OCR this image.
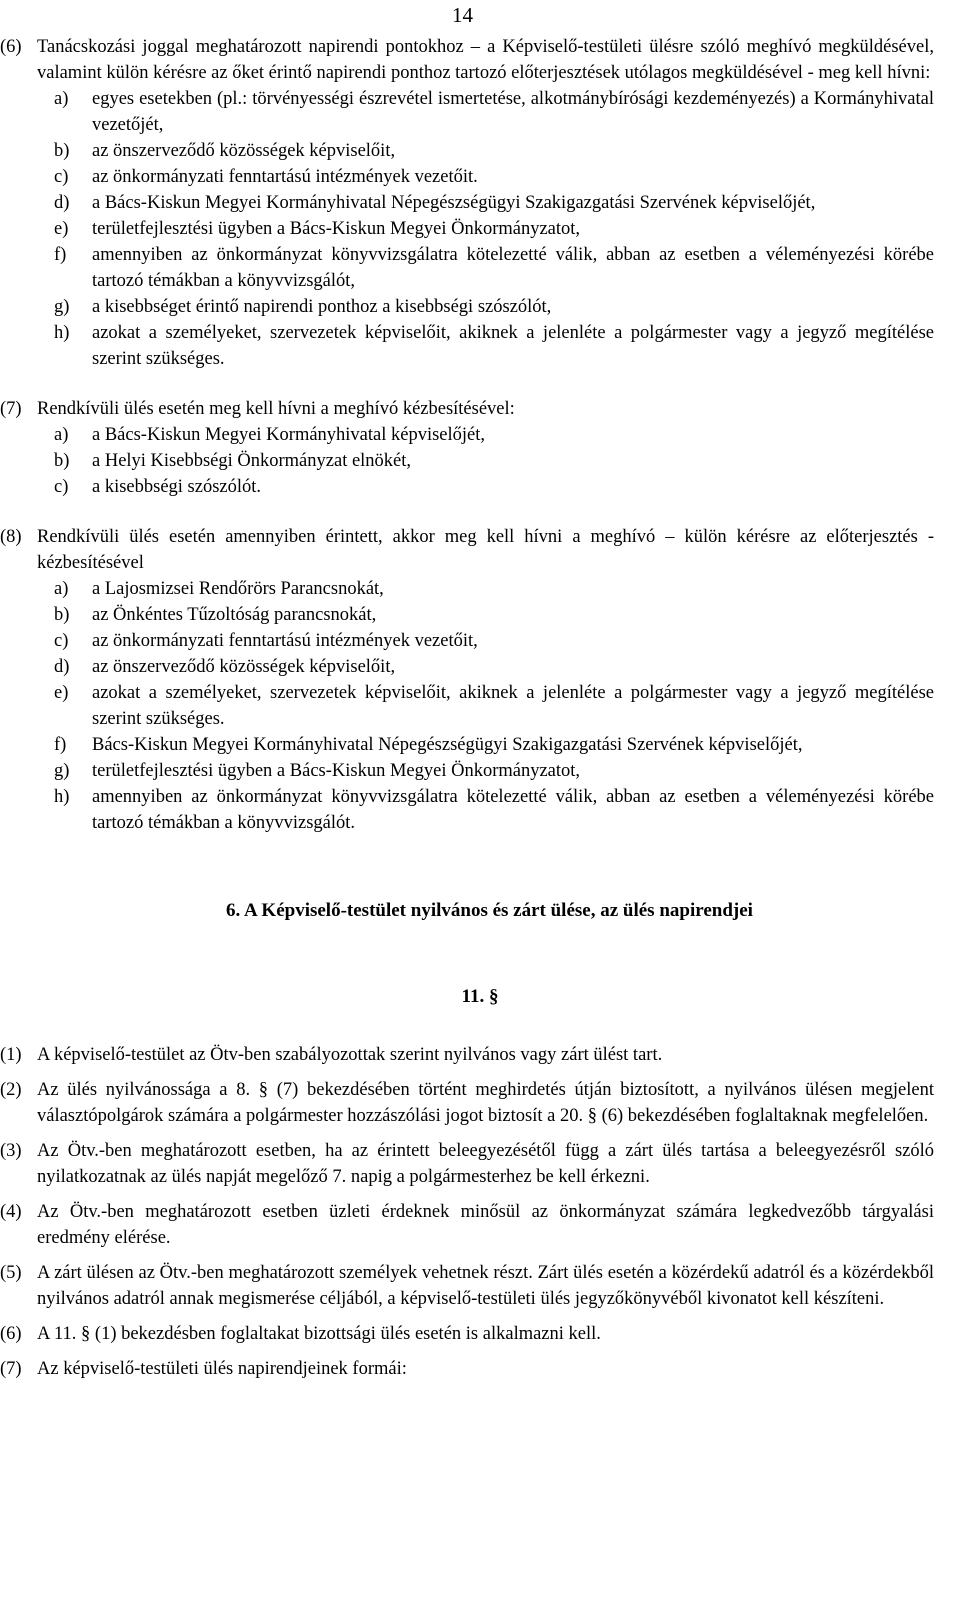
14
(6) Tanácskozási joggal meghatározott napirendi pontokhoz – a Képviselő-testületi ülésre szóló meghívó megküldésével, valamint külön kérésre az őket érintő napirendi ponthoz tartozó előterjesztések utólagos megküldésével - meg kell hívni:
a) egyes esetekben (pl.: törvényességi észrevétel ismertetése, alkotmánybírósági kezdeményezés) a Kormányhivatal vezetőjét,
b) az önszerveződő közösségek képviselőit,
c) az önkormányzati fenntartású intézmények vezetőit.
d) a Bács-Kiskun Megyei Kormányhivatal Népegészségügyi Szakigazgatási Szervének képviselőjét,
e) területfejlesztési ügyben a Bács-Kiskun Megyei Önkormányzatot,
f) amennyiben az önkormányzat könyvvizsgálatra kötelezetté válik, abban az esetben a véleményezési körébe tartozó témákban a könyvvizsgálót,
g) a kisebbséget érintő napirendi ponthoz a kisebbségi szószólót,
h) azokat a személyeket, szervezetek képviselőit, akiknek a jelenléte a polgármester vagy a jegyző megítélése szerint szükséges.
(7) Rendkívüli ülés esetén meg kell hívni a meghívó kézbesítésével:
a) a Bács-Kiskun Megyei Kormányhivatal képviselőjét,
b) a Helyi Kisebbségi Önkormányzat elnökét,
c) a kisebbségi szószólót.
(8) Rendkívüli ülés esetén amennyiben érintett, akkor meg kell hívni a meghívó – külön kérésre az előterjesztés - kézbesítésével
a) a Lajosmizsei Rendőrörs Parancsnokát,
b) az Önkéntes Tűzoltóság parancsnokát,
c) az önkormányzati fenntartású intézmények vezetőit,
d) az önszerveződő közösségek képviselőit,
e) azokat a személyeket, szervezetek képviselőit, akiknek a jelenléte a polgármester vagy a jegyző megítélése szerint szükséges.
f) Bács-Kiskun Megyei Kormányhivatal Népegészségügyi Szakigazgatási Szervének képviselőjét,
g) területfejlesztési ügyben a Bács-Kiskun Megyei Önkormányzatot,
h) amennyiben az önkormányzat könyvvizsgálatra kötelezetté válik, abban az esetben a véleményezési körébe tartozó témákban a könyvvizsgálót.
6. A Képviselő-testület nyilvános és zárt ülése, az ülés napirendjei
11. §
(1) A képviselő-testület az Ötv-ben szabályozottak szerint nyilvános vagy zárt ülést tart.
(2) Az ülés nyilvánossága a 8. § (7) bekezdésében történt meghirdetés útján biztosított, a nyilvános ülésen megjelent választópolgárok számára a polgármester hozzászólási jogot biztosít a 20. § (6) bekezdésében foglaltaknak megfelelően.
(3) Az Ötv.-ben meghatározott esetben, ha az érintett beleegyezésétől függ a zárt ülés tartása a beleegyezésről szóló nyilatkozatnak az ülés napját megelőző 7. napig a polgármesterhez be kell érkezni.
(4) Az Ötv.-ben meghatározott esetben üzleti érdeknek minősül az önkormányzat számára legkedvezőbb tárgyalási eredmény elérése.
(5) A zárt ülésen az Ötv.-ben meghatározott személyek vehetnek részt. Zárt ülés esetén a közérdekű adatról és a közérdekből nyilvános adatról annak megismerése céljából, a képviselő-testületi ülés jegyzőkönyvéből kivonatot kell készíteni.
(6) A 11. § (1) bekezdésben foglaltakat bizottsági ülés esetén is alkalmazni kell.
(7) Az képviselő-testületi ülés napirendjeinek formái:
